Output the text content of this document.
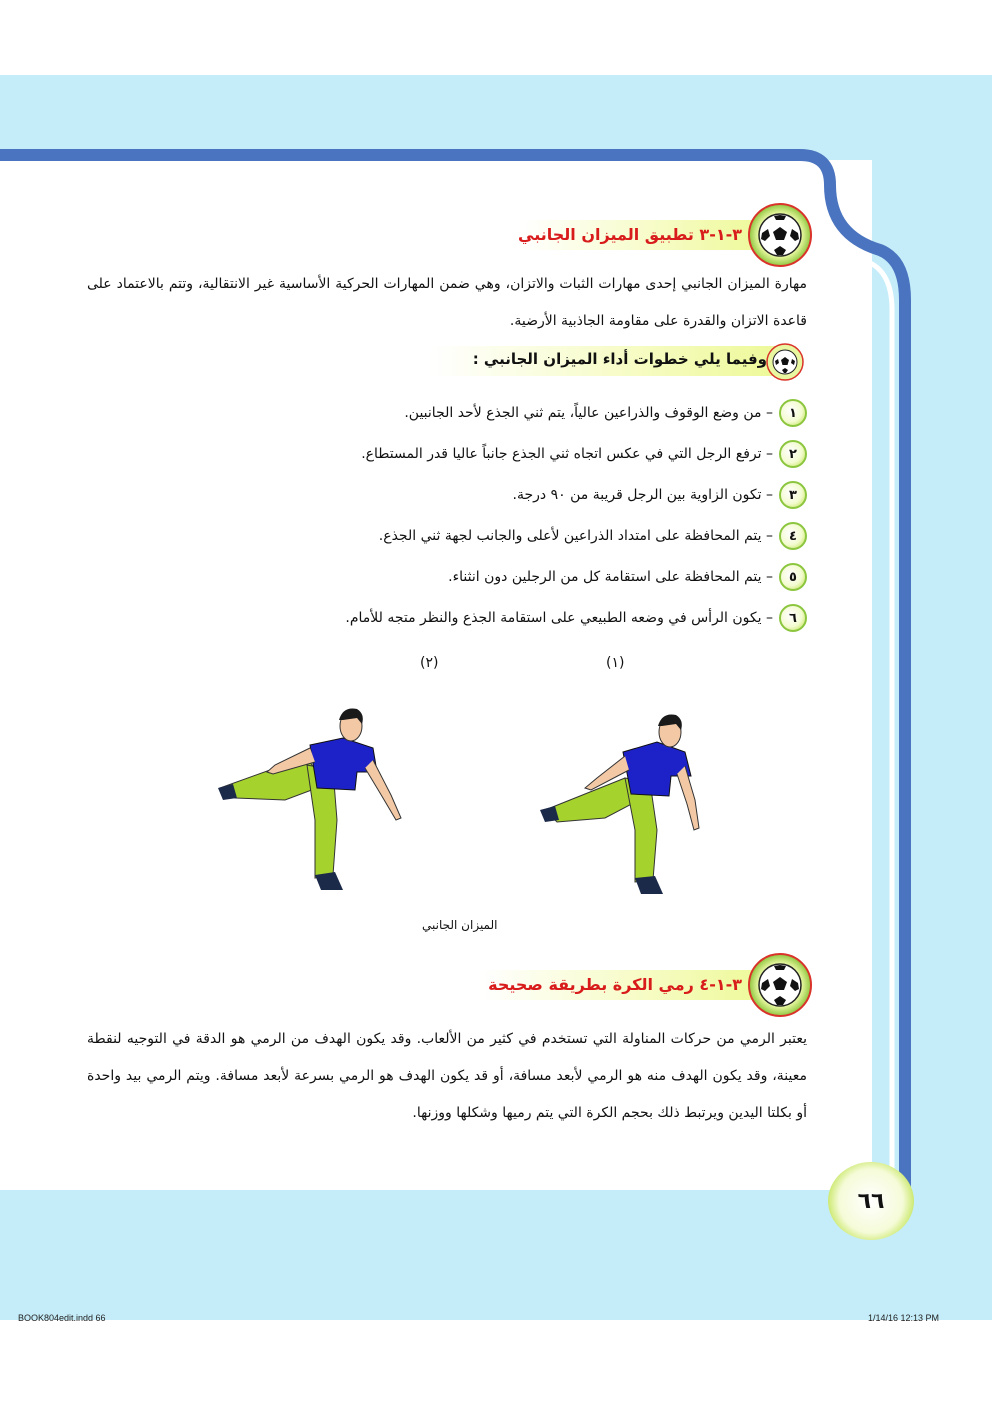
٣-١-٣ تطبيق الميزان الجانبي
مهارة الميزان الجانبي إحدى مهارات الثبات والاتزان، وهي ضمن المهارات الحركية الأساسية غير الانتقالية، وتتم بالاعتماد على قاعدة الاتزان والقدرة على مقاومة الجاذبية الأرضية.
وفيما يلي خطوات أداء الميزان الجانبي :
١
– من وضع الوقوف والذراعين عالياً، يتم ثني الجذع لأحد الجانبين.
٢
– ترفع الرجل التي في عكس اتجاه ثني الجذع جانباً عاليا قدر المستطاع.
٣
– تكون الزاوية بين الرجل قريبة من ٩٠ درجة.
٤
– يتم المحافظة على امتداد الذراعين لأعلى والجانب لجهة ثني الجذع.
٥
– يتم المحافظة على استقامة كل من الرجلين دون انثناء.
٦
– يكون الرأس في وضعه الطبيعي على استقامة الجذع والنظر متجه للأمام.
(٢)	(١)
الميزان الجانبي
٣-١-٤ رمي الكرة بطريقة صحيحة
يعتبر الرمي من حركات المناولة التي تستخدم في كثير من الألعاب. وقد يكون الهدف من الرمي هو الدقة في التوجيه لنقطة معينة، وقد يكون الهدف منه هو الرمي لأبعد مسافة، أو قد يكون الهدف هو الرمي بسرعة لأبعد مسافة. ويتم الرمي بيد واحدة أو بكلتا اليدين ويرتبط ذلك بحجم الكرة التي يتم رميها وشكلها ووزنها.
٦٦
BOOK804edit.indd 66	1/14/16 12:13 PM
